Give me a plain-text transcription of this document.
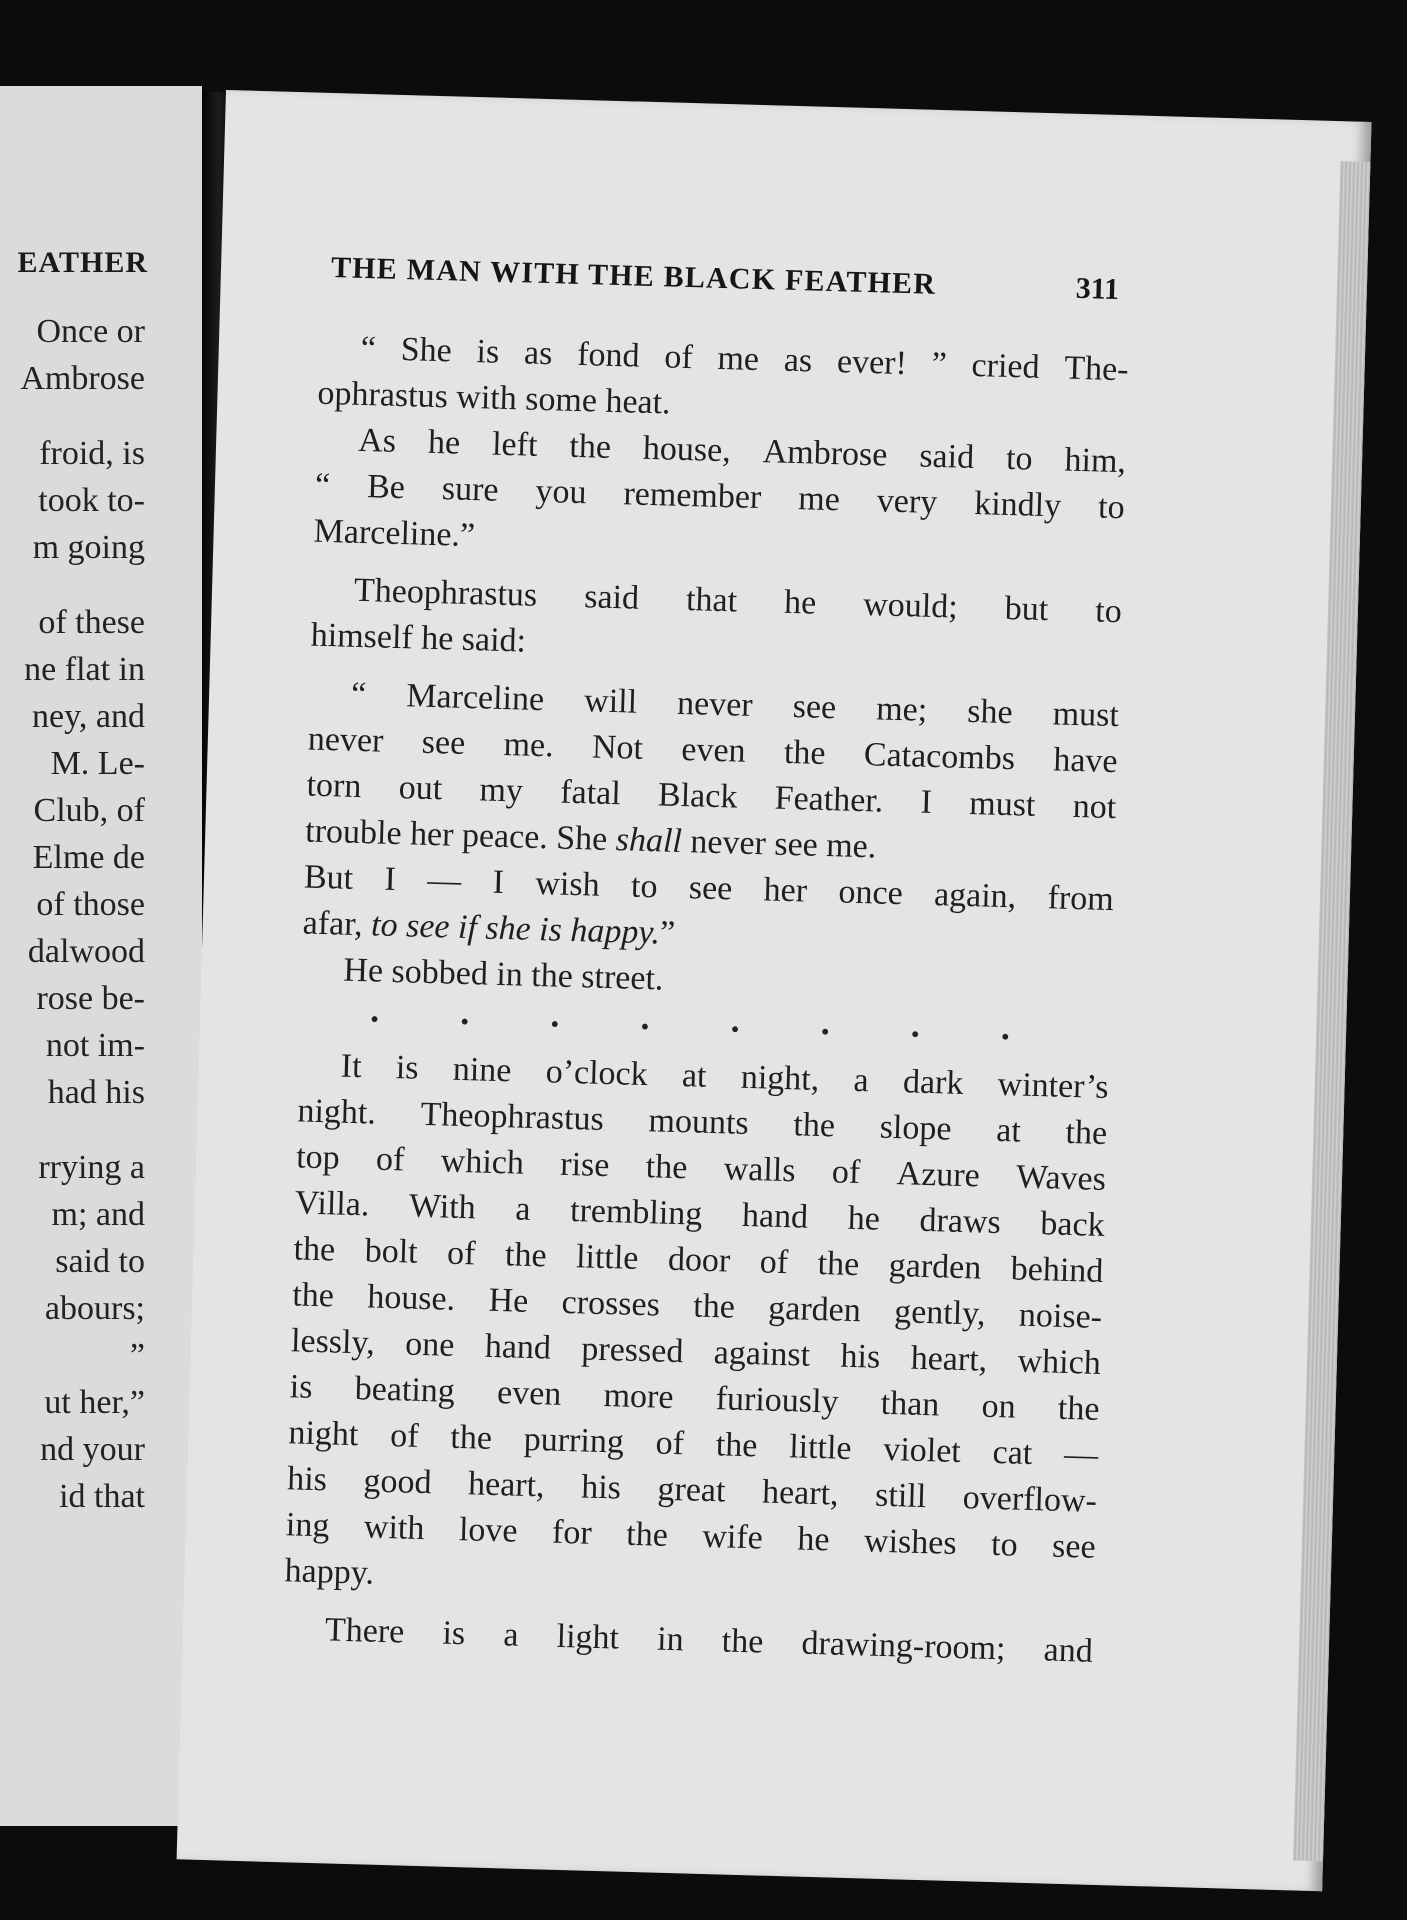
EATHER
Once or
Ambrose
froid, is
took to-
m going
of these
ne flat in
ney, and
M. Le-
Club, of
Elme de
of those
dalwood
rose be-
not im-
had his
rrying a
m; and
said to
abours;
”
ut her,”
nd your
id that
THE MAN WITH THE BLACK FEATHER	311
“ She is as fond of me as ever! ” cried The-
ophrastus with some heat.
As he left the house, Ambrose said to him,
“ Be sure you remember me very kindly to
Marceline.”
Theophrastus said that he would; but to
himself he said:
“ Marceline will never see me; she must
never see me. Not even the Catacombs have
torn out my fatal Black Feather. I must not
trouble her peace. She
shall
never see me.
But I — I wish to see her once again, from
afar,
to see if she is happy.
”
He sobbed in the street.
. . . . . . . .
It is nine o’clock at night, a dark winter’s
night. Theophrastus mounts the slope at the
top of which rise the walls of Azure Waves
Villa. With a trembling hand he draws back
the bolt of the little door of the garden behind
the house. He crosses the garden gently, noise-
lessly, one hand pressed against his heart, which
is beating even more furiously than on the
night of the purring of the little violet cat —
his good heart, his great heart, still overflow-
ing with love for the wife he wishes to see
happy.
There is a light in the drawing-room; and
